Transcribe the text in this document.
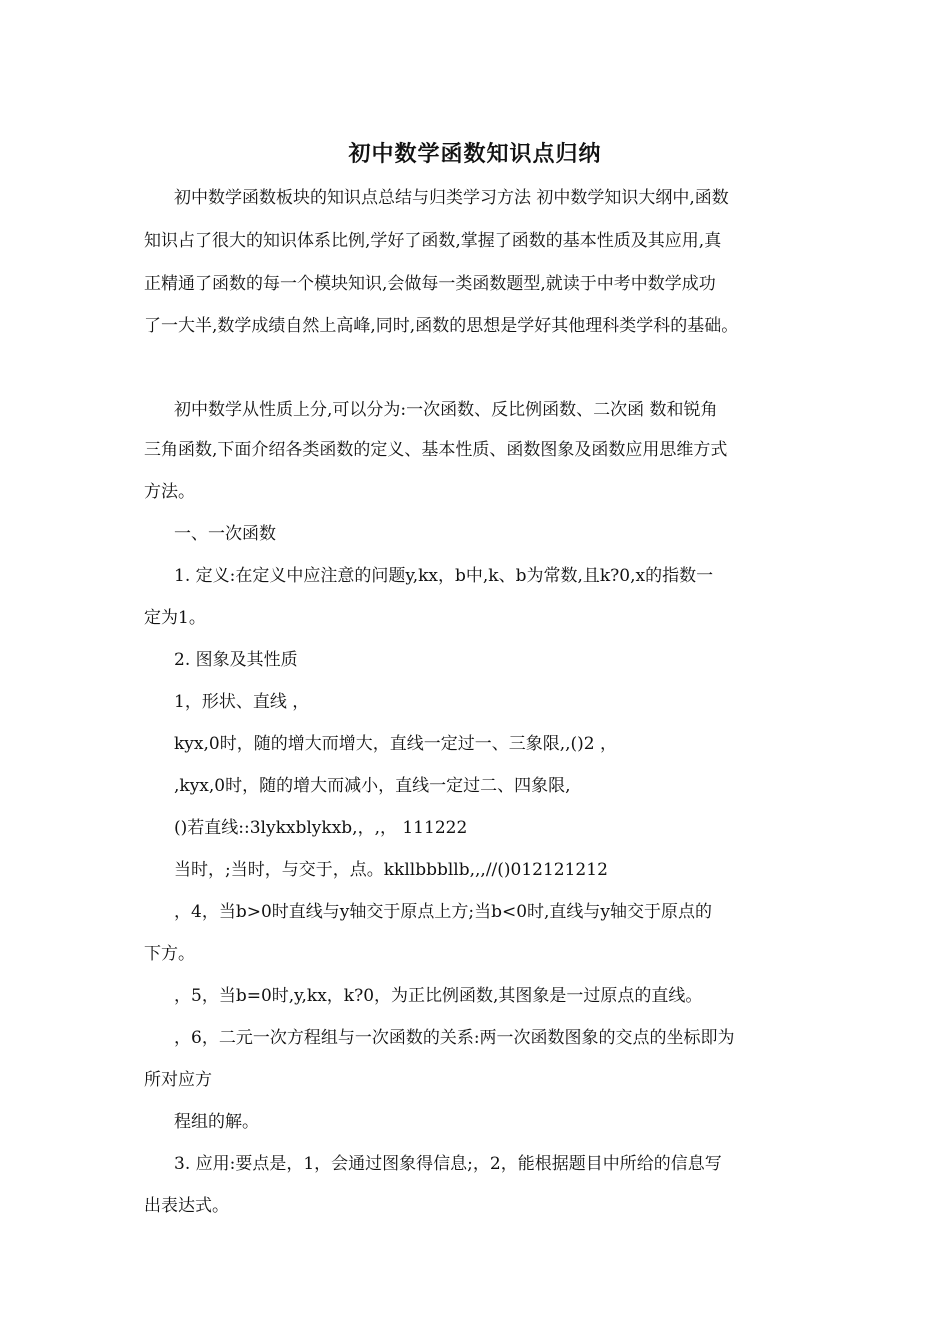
初中数学函数知识点归纳
初中数学函数板块的知识点总结与归类学习方法 初中数学知识大纲中,函数
知识占了很大的知识体系比例,学好了函数,掌握了函数的基本性质及其应用,真
正精通了函数的每一个模块知识,会做每一类函数题型,就读于中考中数学成功
了一大半,数学成绩自然上高峰,同时,函数的思想是学好其他理科类学科的基础。
初中数学从性质上分,可以分为:一次函数、反比例函数、二次函 数和锐角
三角函数,下面介绍各类函数的定义、基本性质、函数图象及函数应用思维方式
方法。
一、一次函数
1. 定义:在定义中应注意的问题y,kx，b中,k、b为常数,且k?0,x的指数一
定为1。
2. 图象及其性质
1，形状、直线 ，
kyx,0时，随的增大而增大，直线一定过一、三象限,,()2 ，
,kyx,0时，随的增大而减小，直线一定过二、四象限,
()若直线::3lykxblykxb,，,， 111222
当时，;当时，与交于，点。kkllbbbllb,,,//()012121212
，4，当b>0时直线与y轴交于原点上方;当b<0时,直线与y轴交于原点的
下方。
，5，当b=0时,y,kx，k?0，为正比例函数,其图象是一过原点的直线。
，6，二元一次方程组与一次函数的关系:两一次函数图象的交点的坐标即为
所对应方
程组的解。
3. 应用:要点是，1，会通过图象得信息;，2，能根据题目中所给的信息写
出表达式。
